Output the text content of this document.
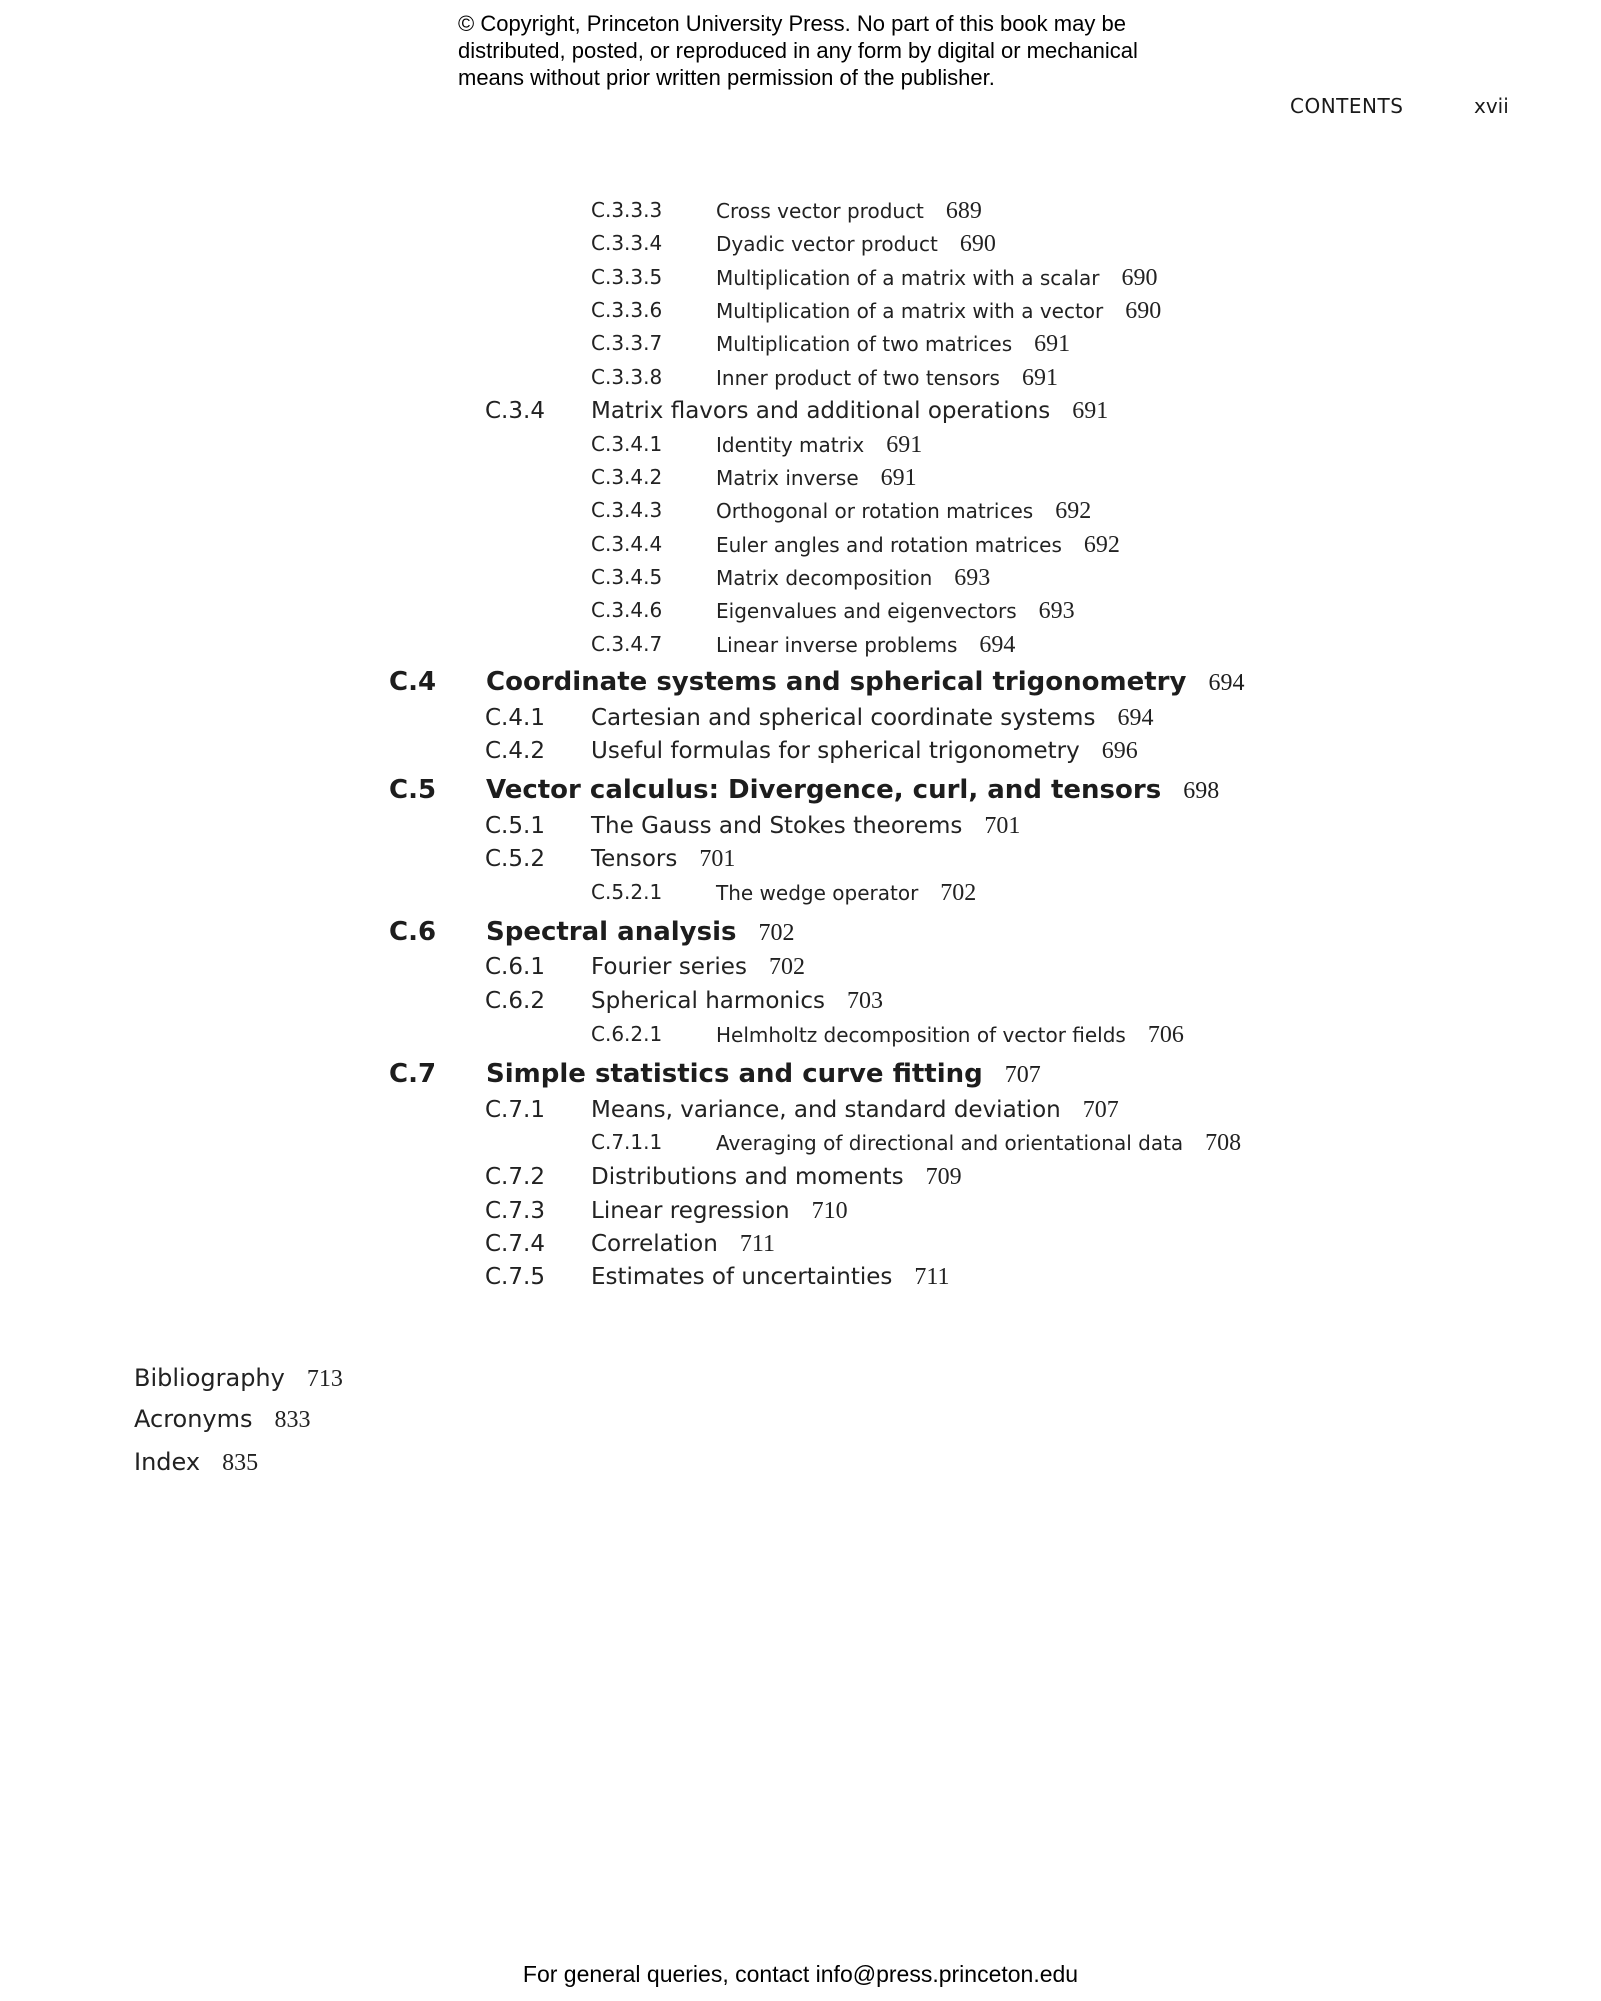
© Copyright, Princeton University Press. No part of this book may be
distributed, posted, or reproduced in any form by digital or mechanical
means without prior written permission of the publisher.
CONTENTS	xvii
C.3.3.3	Cross vector product 689
C.3.3.4	Dyadic vector product 690
C.3.3.5	Multiplication of a matrix with a scalar 690
C.3.3.6	Multiplication of a matrix with a vector 690
C.3.3.7	Multiplication of two matrices 691
C.3.3.8	Inner product of two tensors 691
C.3.4 Matrix flavors and additional operations 691
C.3.4.1	Identity matrix 691
C.3.4.2	Matrix inverse 691
C.3.4.3	Orthogonal or rotation matrices 692
C.3.4.4	Euler angles and rotation matrices 692
C.3.4.5	Matrix decomposition 693
C.3.4.6	Eigenvalues and eigenvectors 693
C.3.4.7	Linear inverse problems 694
C.4 Coordinate systems and spherical trigonometry 694
C.4.1 Cartesian and spherical coordinate systems 694
C.4.2 Useful formulas for spherical trigonometry 696
C.5 Vector calculus: Divergence, curl, and tensors 698
C.5.1 The Gauss and Stokes theorems 701
C.5.2 Tensors 701
C.5.2.1	The wedge operator 702
C.6 Spectral analysis 702
C.6.1 Fourier series 702
C.6.2 Spherical harmonics 703
C.6.2.1	Helmholtz decomposition of vector fields 706
C.7 Simple statistics and curve fitting 707
C.7.1 Means, variance, and standard deviation 707
C.7.1.1	Averaging of directional and orientational data 708
C.7.2 Distributions and moments 709
C.7.3 Linear regression 710
C.7.4 Correlation 711
C.7.5 Estimates of uncertainties 711
Bibliography 713
Acronyms 833
Index 835
For general queries, contact info@press.princeton.edu
